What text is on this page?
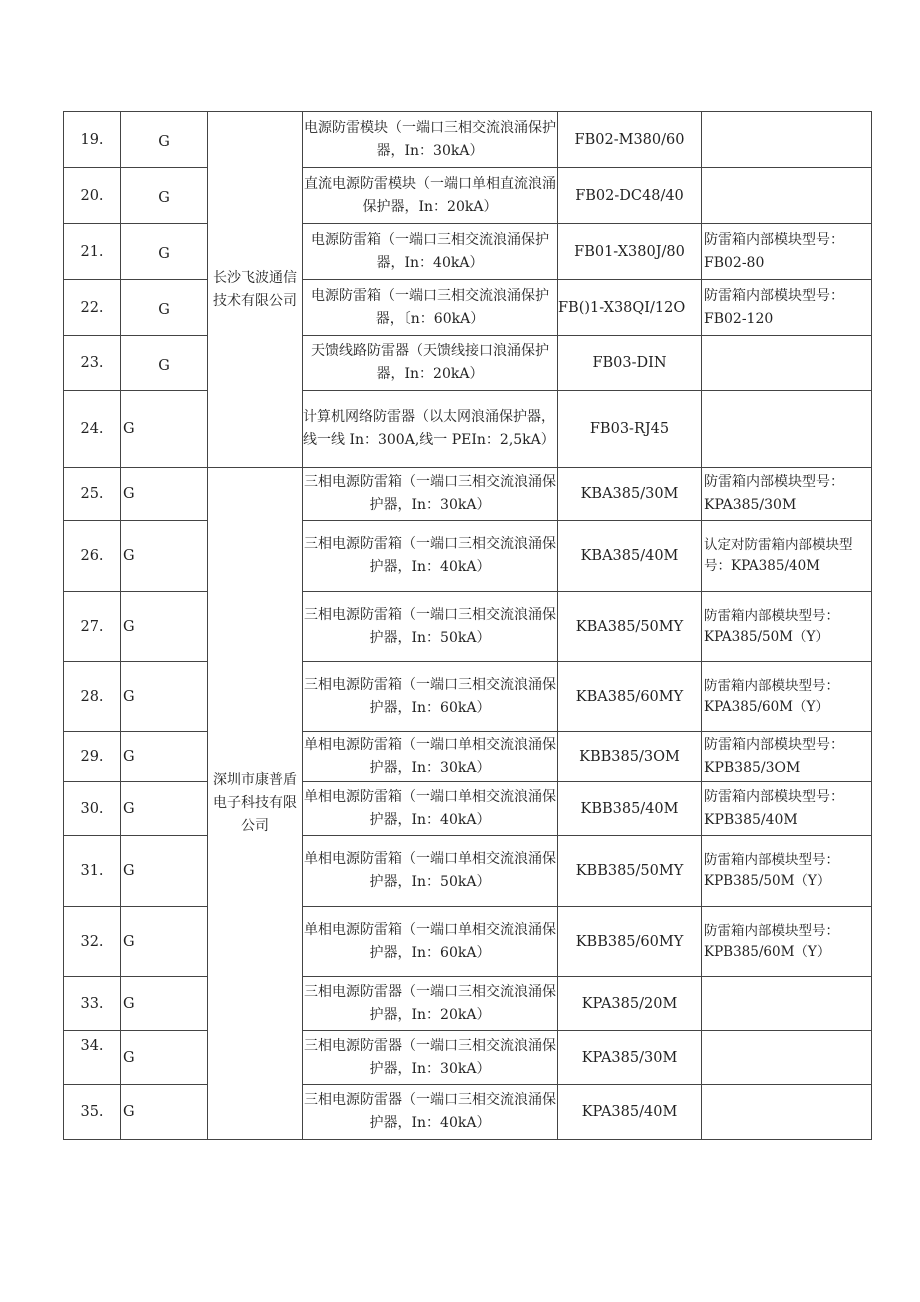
19.	G	长沙飞波通信技术有限公司	电源防雷模块（一端口三相交流浪涌保护器，In：30kA）	FB02-M380/60	
20.	G		直流电源防雷模块（一端口单相直流浪涌保护器，In：20kA）	FB02-DC48/40	
21.	G		电源防雷箱（一端口三相交流浪涌保护器，In：40kA）	FB01-X380J/80	防雷箱内部模块型号：FB02-80
22.	G		电源防雷箱（一端口三相交流浪涌保护器，〔n：60kA）	FB()1-X38QI/12O	防雷箱内部模块型号：FB02-120
23.	G		天馈线路防雷器（天馈线接口浪涌保护器，In：20kA）	FB03-DIN	
24.	G		计算机网络防雷器（以太网浪涌保护器，线一线 In：300A,线一 PEIn：2,5kA）	FB03-RJ45	
25.	G	深圳市康普盾电子科技有限公司	三相电源防雷箱（一端口三相交流浪涌保护器，In：30kA）	KBA385/30M	防雷箱内部模块型号：KPA385/30M
26.	G		三相电源防雷箱（一端口三相交流浪涌保护器，In：40kA）	KBA385/40M	认定对防雷箱内部模块型号：KPA385/40M
27.	G		三相电源防雷箱（一端口三相交流浪涌保护器，In：50kA）	KBA385/50MY	防雷箱内部模块型号：KPA385/50M（Y）
28.	G		三相电源防雷箱（一端口三相交流浪涌保护器，In：60kA）	KBA385/60MY	防雷箱内部模块型号：KPA385/60M（Y）
29.	G		单相电源防雷箱（一端口单相交流浪涌保护器，In：30kA）	KBB385/3OM	防雷箱内部模块型号：KPB385/3OM
30.	G		单相电源防雷箱（一端口单相交流浪涌保护器，In：40kA）	KBB385/40M	防雷箱内部模块型号：KPB385/40M
31.	G		单相电源防雷箱（一端口单相交流浪涌保护器，In：50kA）	KBB385/50MY	防雷箱内部模块型号：KPB385/50M（Y）
32.	G		单相电源防雷箱（一端口单相交流浪涌保护器，In：60kA）	KBB385/60MY	防雷箱内部模块型号：KPB385/60M（Y）
33.	G		三相电源防雷器（一端口三相交流浪涌保护器，In：20kA）	KPA385/20M	
34.	G		三相电源防雷器（一端口三相交流浪涌保护器，In：30kA）	KPA385/30M	
35.	G		三相电源防雷器（一端口三相交流浪涌保护器，In：40kA）	KPA385/40M	
